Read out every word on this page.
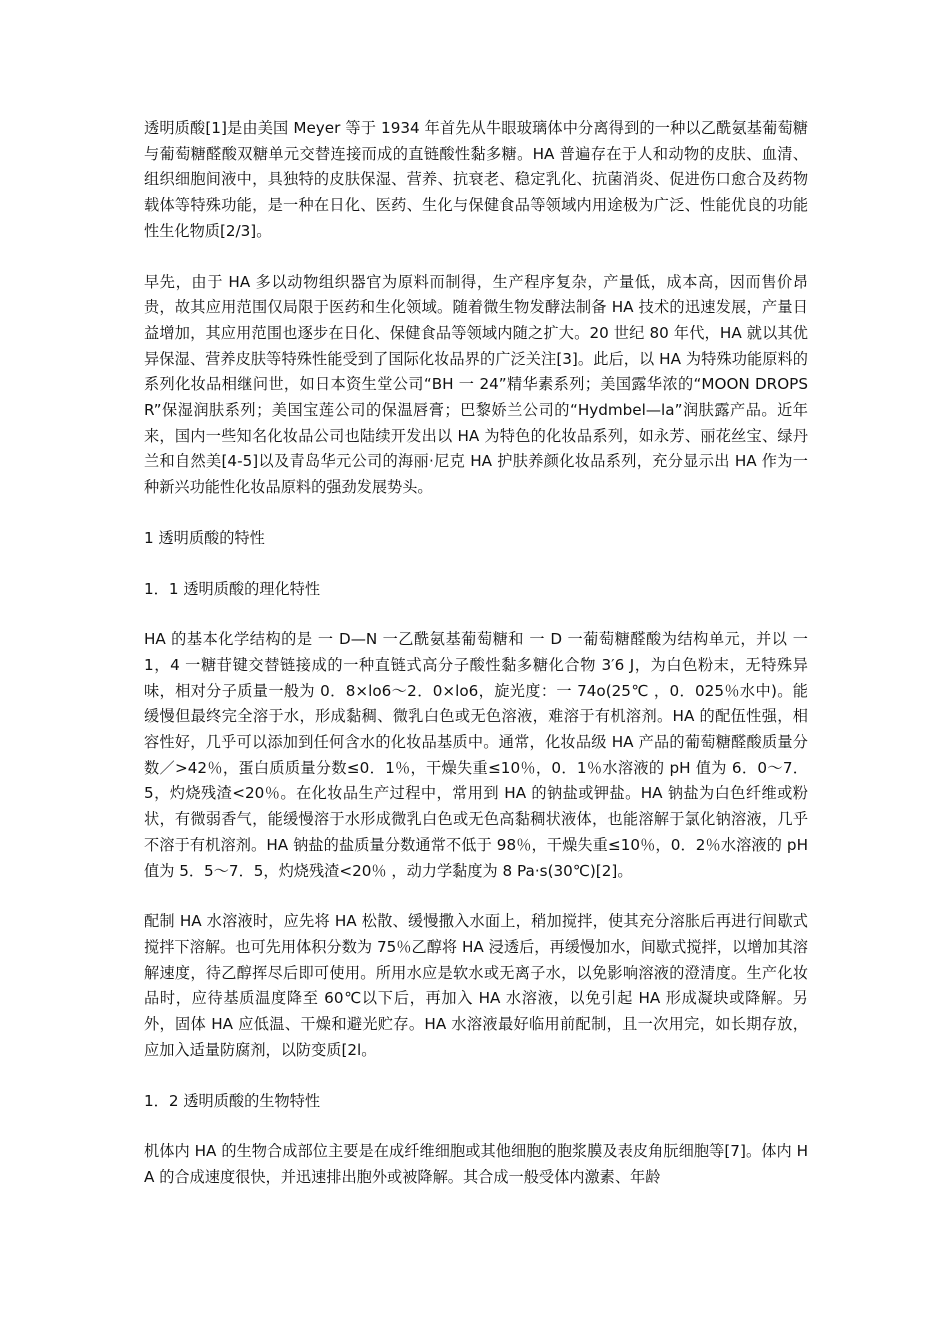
透明质酸[1]是由美国 Meyer 等于 1934 年首先从牛眼玻璃体中分离得到的一种以乙酰氨基葡萄糖与葡萄糖醛酸双糖单元交替连接而成的直链酸性黏多糖。HA 普遍存在于人和动物的皮肤、血清、组织细胞间液中，具独特的皮肤保湿、营养、抗衰老、稳定乳化、抗菌消炎、促进伤口愈合及药物载体等特殊功能，是一种在日化、医药、生化与保健食品等领域内用途极为广泛、性能优良的功能性生化物质[2/3]。

早先，由于 HA 多以动物组织器官为原料而制得，生产程序复杂，产量低，成本高，因而售价昂贵，故其应用范围仅局限于医药和生化领域。随着微生物发酵法制备 HA 技术的迅速发展，产量日益增加，其应用范围也逐步在日化、保健食品等领域内随之扩大。20 世纪 80 年代，HA 就以其优异保湿、营养皮肤等特殊性能受到了国际化妆品界的广泛关注[3]。此后，以 HA 为特殊功能原料的系列化妆品相继问世，如日本资生堂公司“BH 一 24”精华素系列；美国露华浓的“MOON DROPSR”保湿润肤系列；美国宝莲公司的保温唇膏；巴黎娇兰公司的“Hydmbel—la”润肤露产品。近年来，国内一些知名化妆品公司也陆续开发出以 HA 为特色的化妆品系列，如永芳、丽花丝宝、绿丹兰和自然美[4-5]以及青岛华元公司的海丽·尼克 HA 护肤养颜化妆品系列，充分显示出 HA 作为一种新兴功能性化妆品原料的强劲发展势头。

1 透明质酸的特性

1．1 透明质酸的理化特性

HA 的基本化学结构的是 一 D—N 一乙酰氨基葡萄糖和 一 D 一葡萄糖醛酸为结构单元，并以 一 1，4 一糖苷键交替链接成的一种直链式高分子酸性黏多糖化合物 3′6 J，为白色粉末，无特殊异味，相对分子质量一般为 0．8×lo6～2．0×lo6，旋光度：一 74o(25℃ ，0．025％水中)。能缓慢但最终完全溶于水，形成黏稠、微乳白色或无色溶液，难溶于有机溶剂。HA 的配伍性强，相容性好，几乎可以添加到任何含水的化妆品基质中。通常，化妆品级 HA 产品的葡萄糖醛酸质量分数／>42％，蛋白质质量分数≤0．1％，干燥失重≤10％，0．1％水溶液的 pH 值为 6．0～7．5，灼烧残渣<20％。在化妆品生产过程中，常用到 HA 的钠盐或钾盐。HA 钠盐为白色纤维或粉状，有微弱香气，能缓慢溶于水形成微乳白色或无色高黏稠状液体，也能溶解于氯化钠溶液，几乎不溶于有机溶剂。HA 钠盐的盐质量分数通常不低于 98％，干燥失重≤10％，0．2％水溶液的 pH 值为 5．5～7．5，灼烧残渣<20％ ，动力学黏度为 8 Pa·s(30℃)[2]。

配制 HA 水溶液时，应先将 HA 松散、缓慢撒入水面上，稍加搅拌，使其充分溶胀后再进行间歇式搅拌下溶解。也可先用体积分数为 75％乙醇将 HA 浸透后，再缓慢加水，间歇式搅拌，以增加其溶解速度，待乙醇挥尽后即可使用。所用水应是软水或无离子水，以免影响溶液的澄清度。生产化妆品时，应待基质温度降至 60℃以下后，再加入 HA 水溶液，以免引起 HA 形成凝块或降解。另外，固体 HA 应低温、干燥和避光贮存。HA 水溶液最好临用前配制，且一次用完，如长期存放，应加入适量防腐剂，以防变质[2l。

1．2 透明质酸的生物特性

机体内 HA 的生物合成部位主要是在成纤维细胞或其他细胞的胞浆膜及表皮角朊细胞等[7]。体内 HA 的合成速度很快，并迅速排出胞外或被降解。其合成一般受体内激素、年龄
